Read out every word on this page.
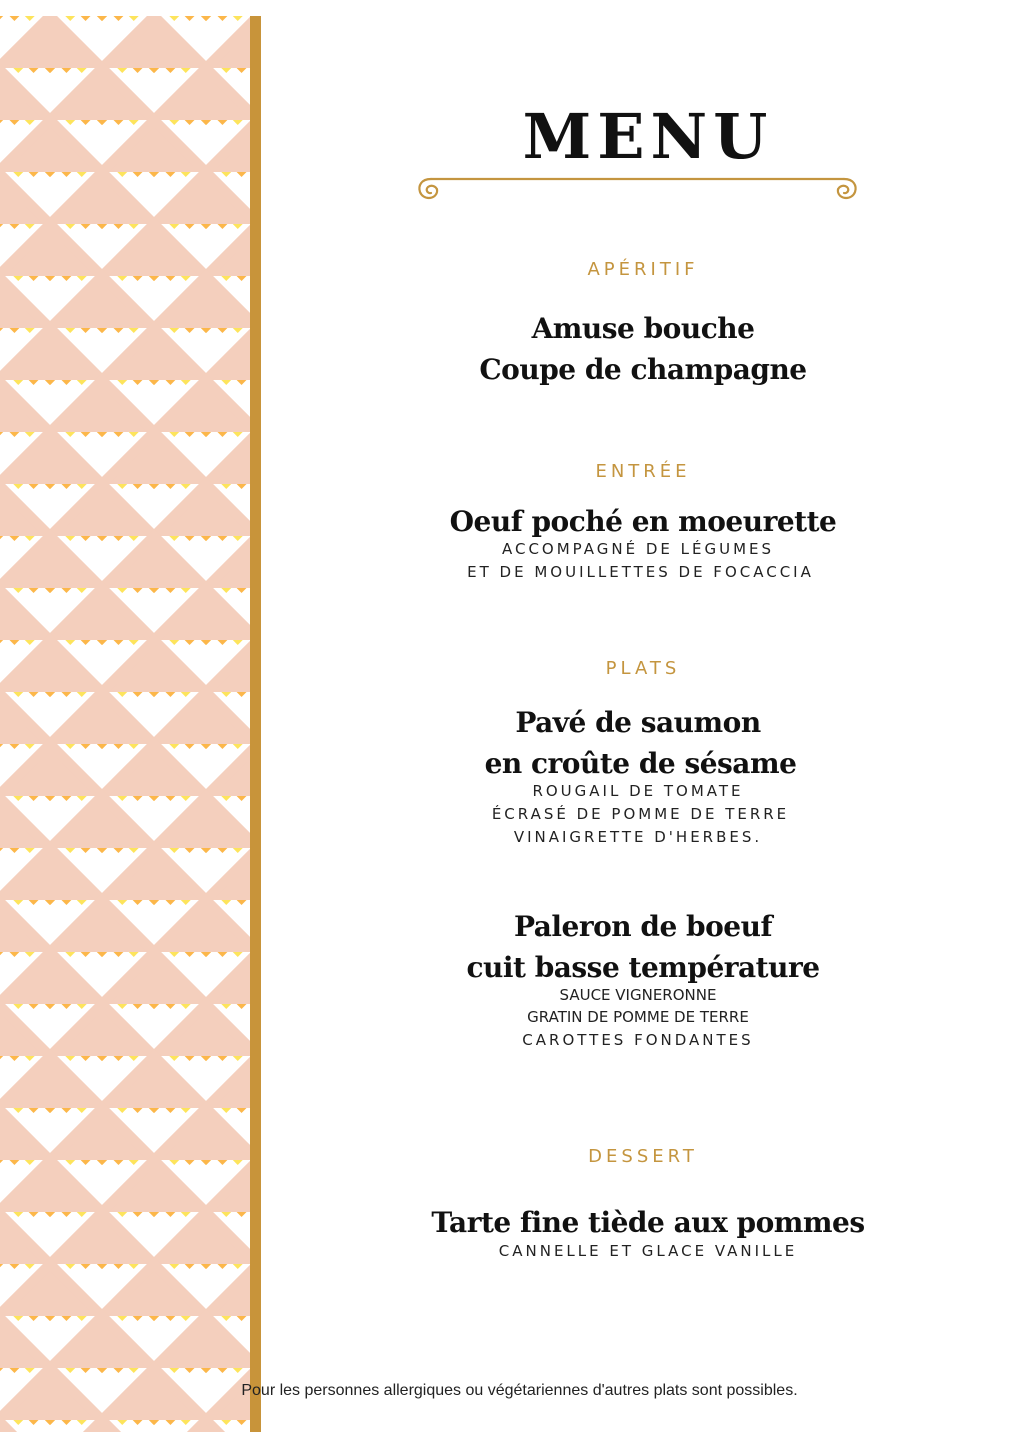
MENU
APÉRITIF
Amuse bouche
Coupe de champagne
ENTRÉE
Oeuf poché en moeurette
ACCOMPAGNÉ DE LÉGUMES
ET DE MOUILLETTES DE FOCACCIA
PLATS
Pavé de saumon
en croûte de sésame
ROUGAIL DE TOMATE
ÉCRASÉ DE POMME DE TERRE
VINAIGRETTE D'HERBES.
Paleron de boeuf
cuit basse température
SAUCE VIGNERONNE
GRATIN DE POMME DE TERRE
CAROTTES FONDANTES
DESSERT
Tarte fine tiède aux pommes
CANNELLE ET GLACE VANILLE
Pour les personnes allergiques ou végétariennes d'autres plats sont possibles.
